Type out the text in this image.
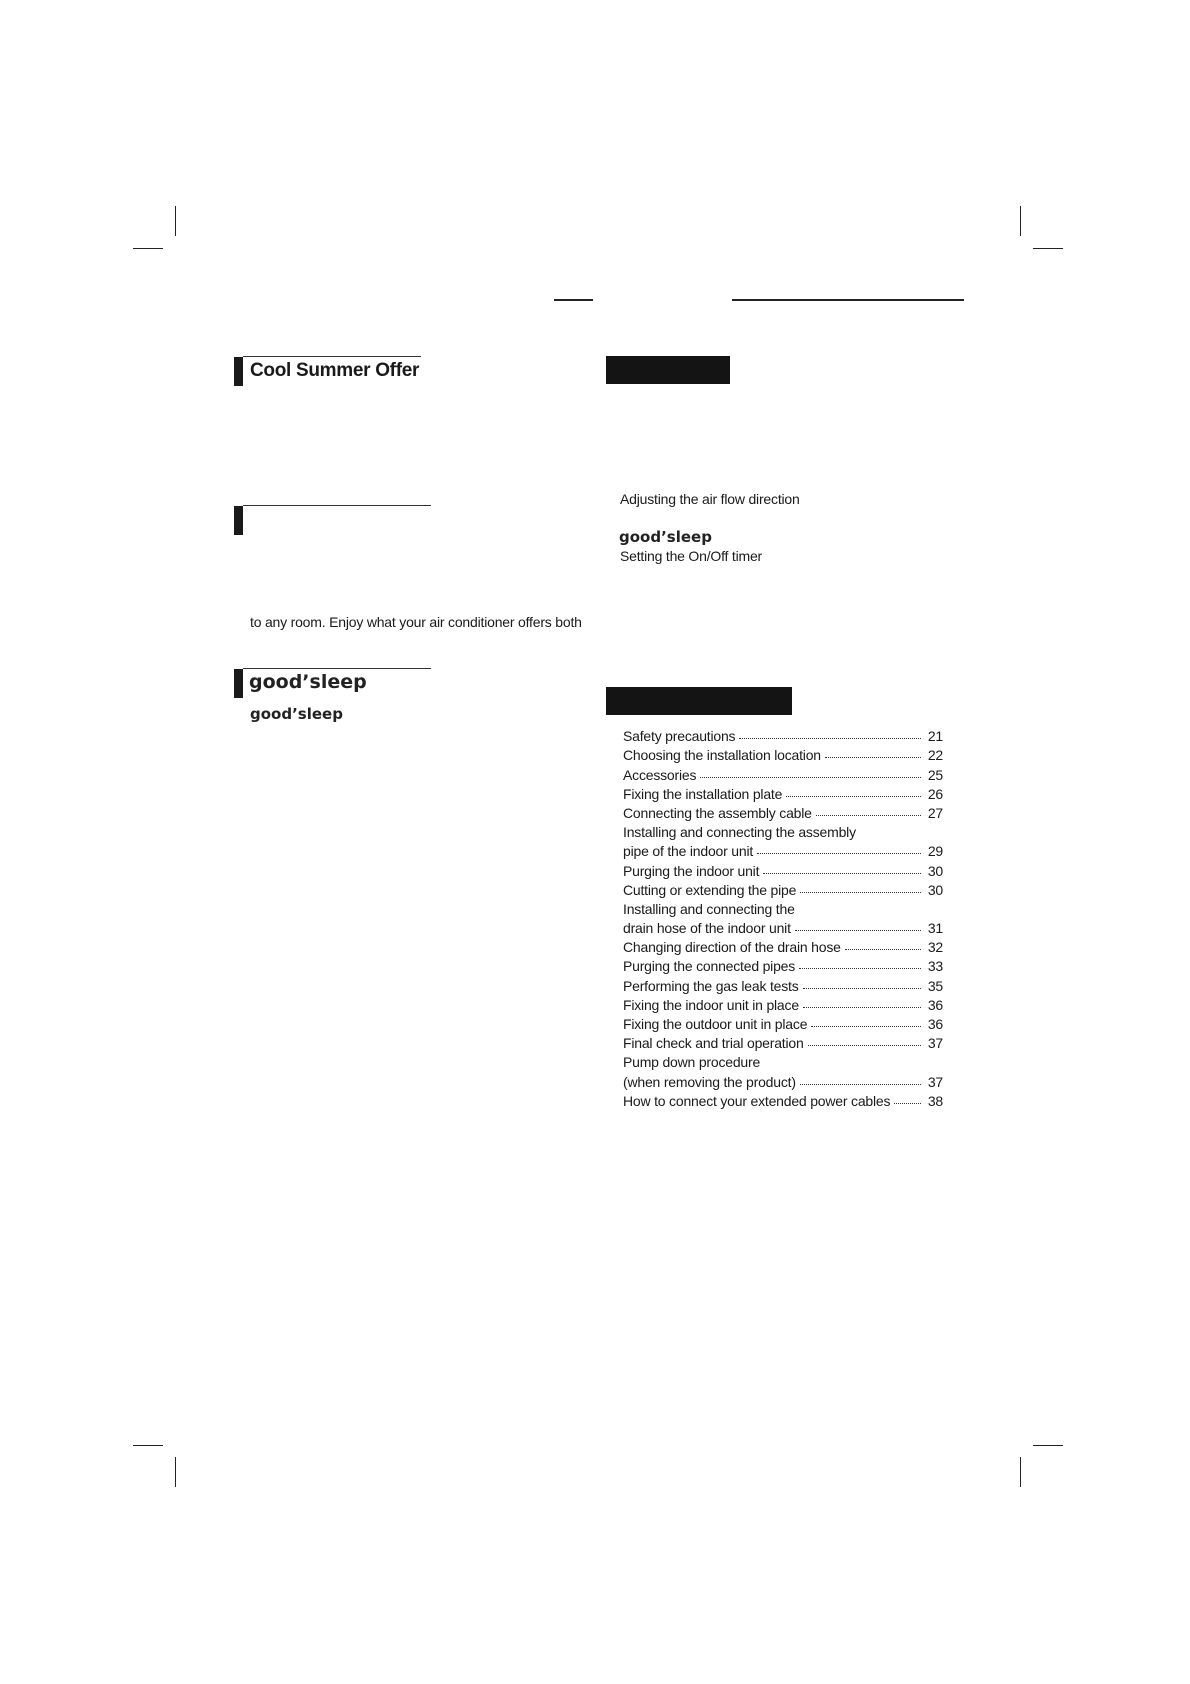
Cool Summer Offer
to any room. Enjoy what your air conditioner offers both
good’sleep
good’sleep
Adjusting the air flow direction
good’sleep
Setting the On/Off timer
Safety precautions	21
Choosing the installation location	22
Accessories	25
Fixing the installation plate	26
Connecting the assembly cable	27
Installing and connecting the assembly
pipe of the indoor unit	29
Purging the indoor unit	30
Cutting or extending the pipe	30
Installing and connecting the
drain hose of the indoor unit	31
Changing direction of the drain hose	32
Purging the connected pipes	33
Performing the gas leak tests	35
Fixing the indoor unit in place	36
Fixing the outdoor unit in place	36
Final check and trial operation	37
Pump down procedure
(when removing the product)	37
How to connect your extended power cables	38
